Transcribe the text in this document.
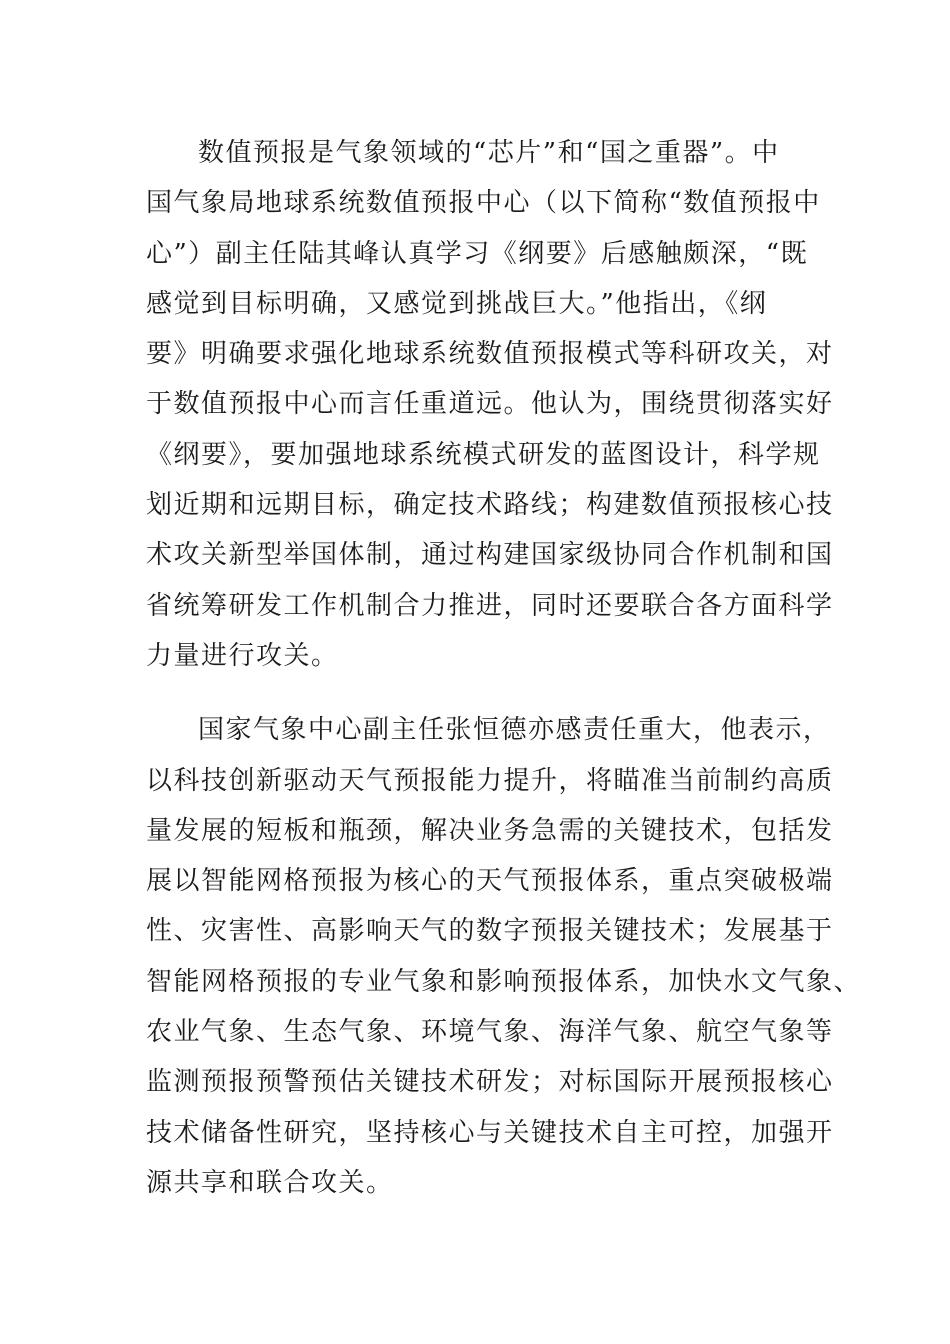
数值预报是气象领域的“芯片”和“国之重器”。中
国气象局地球系统数值预报中心（以下简称“数值预报中
心”）副主任陆其峰认真学习《纲要》后感触颇深，“既
感觉到目标明确，又感觉到挑战巨大。”他指出，《纲
要》明确要求强化地球系统数值预报模式等科研攻关，对
于数值预报中心而言任重道远。他认为，围绕贯彻落实好
《纲要》，要加强地球系统模式研发的蓝图设计，科学规
划近期和远期目标，确定技术路线；构建数值预报核心技
术攻关新型举国体制，通过构建国家级协同合作机制和国
省统筹研发工作机制合力推进，同时还要联合各方面科学
力量进行攻关。
国家气象中心副主任张恒德亦感责任重大，他表示，
以科技创新驱动天气预报能力提升，将瞄准当前制约高质
量发展的短板和瓶颈，解决业务急需的关键技术，包括发
展以智能网格预报为核心的天气预报体系，重点突破极端
性、灾害性、高影响天气的数字预报关键技术；发展基于
智能网格预报的专业气象和影响预报体系，加快水文气象、
农业气象、生态气象、环境气象、海洋气象、航空气象等
监测预报预警预估关键技术研发；对标国际开展预报核心
技术储备性研究，坚持核心与关键技术自主可控，加强开
源共享和联合攻关。
